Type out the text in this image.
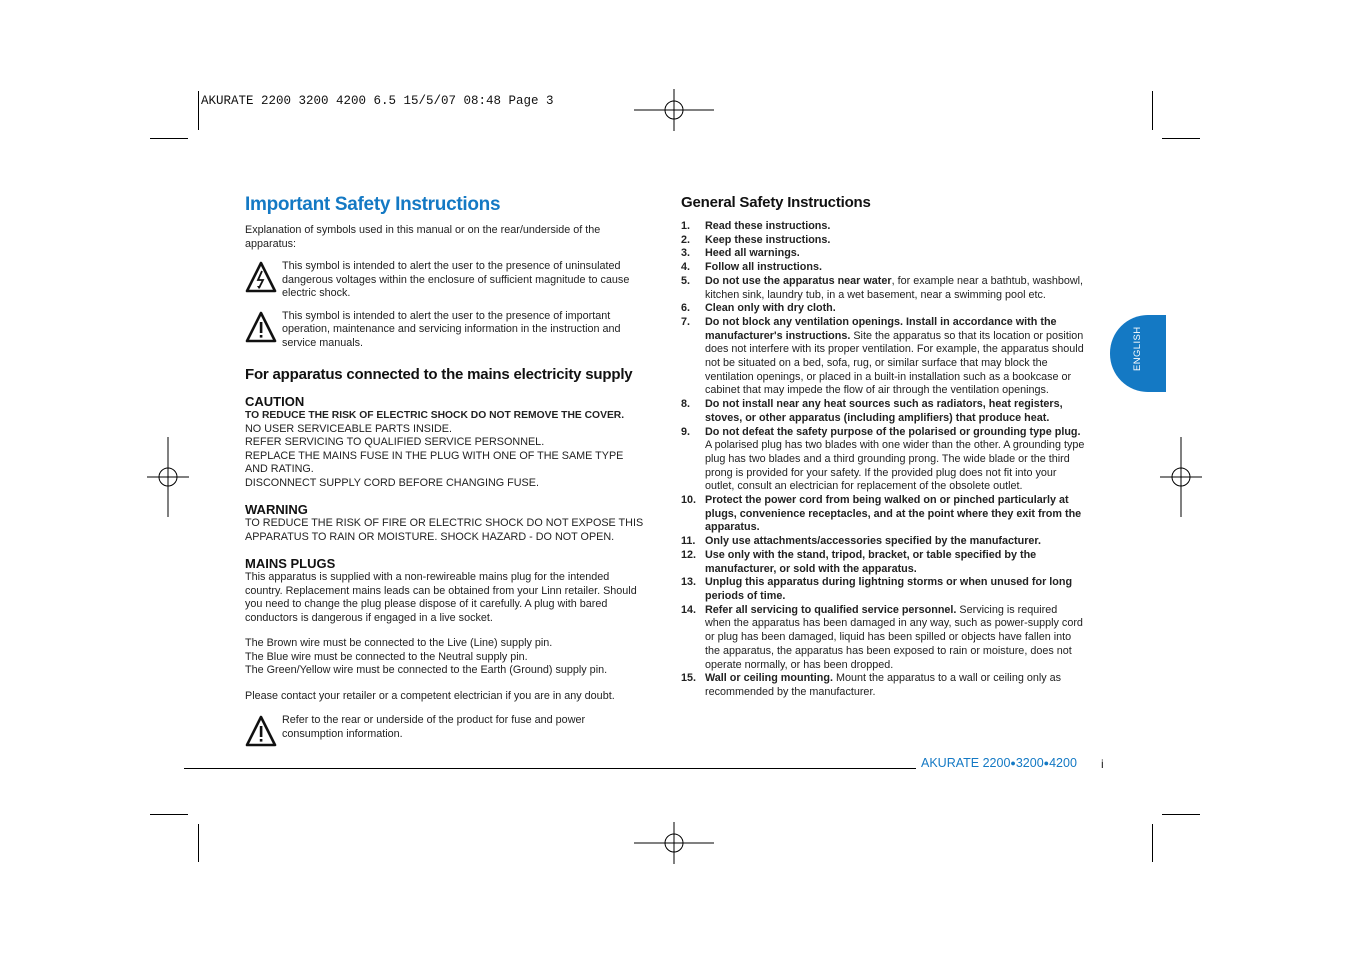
AKURATE 2200 3200 4200 6.5 15/5/07 08:48 Page 3
Important Safety Instructions
Explanation of symbols used in this manual or on the rear/underside of the apparatus:
This symbol is intended to alert the user to the presence of uninsulated dangerous voltages within the enclosure of sufficient magnitude to cause electric shock.
This symbol is intended to alert the user to the presence of important operation, maintenance and servicing information in the instruction and service manuals.
For apparatus connected to the mains electricity supply
CAUTION
TO REDUCE THE RISK OF ELECTRIC SHOCK DO NOT REMOVE THE COVER.
NO USER SERVICEABLE PARTS INSIDE.
REFER SERVICING TO QUALIFIED SERVICE PERSONNEL.
REPLACE THE MAINS FUSE IN THE PLUG WITH ONE OF THE SAME TYPE AND RATING.
DISCONNECT SUPPLY CORD BEFORE CHANGING FUSE.
WARNING
TO REDUCE THE RISK OF FIRE OR ELECTRIC SHOCK DO NOT EXPOSE THIS APPARATUS TO RAIN OR MOISTURE. SHOCK HAZARD - DO NOT OPEN.
MAINS PLUGS
This apparatus is supplied with a non-rewireable mains plug for the intended country. Replacement mains leads can be obtained from your Linn retailer. Should you need to change the plug please dispose of it carefully. A plug with bared conductors is dangerous if engaged in a live socket.
The Brown wire must be connected to the Live (Line) supply pin.
The Blue wire must be connected to the Neutral supply pin.
The Green/Yellow wire must be connected to the Earth (Ground) supply pin.
Please contact your retailer or a competent electrician if you are in any doubt.
Refer to the rear or underside of the product for fuse and power consumption information.
General Safety Instructions
1. Read these instructions.
2. Keep these instructions.
3. Heed all warnings.
4. Follow all instructions.
5. Do not use the apparatus near water, for example near a bathtub, washbowl, kitchen sink, laundry tub, in a wet basement, near a swimming pool etc.
6. Clean only with dry cloth.
7. Do not block any ventilation openings. Install in accordance with the manufacturer's instructions. Site the apparatus so that its location or position does not interfere with its proper ventilation. For example, the apparatus should not be situated on a bed, sofa, rug, or similar surface that may block the ventilation openings, or placed in a built-in installation such as a bookcase or cabinet that may impede the flow of air through the ventilation openings.
8. Do not install near any heat sources such as radiators, heat registers, stoves, or other apparatus (including amplifiers) that produce heat.
9. Do not defeat the safety purpose of the polarised or grounding type plug. A polarised plug has two blades with one wider than the other. A grounding type plug has two blades and a third grounding prong. The wide blade or the third prong is provided for your safety. If the provided plug does not fit into your outlet, consult an electrician for replacement of the obsolete outlet.
10. Protect the power cord from being walked on or pinched particularly at plugs, convenience receptacles, and at the point where they exit from the apparatus.
11. Only use attachments/accessories specified by the manufacturer.
12. Use only with the stand, tripod, bracket, or table specified by the manufacturer, or sold with the apparatus.
13. Unplug this apparatus during lightning storms or when unused for long periods of time.
14. Refer all servicing to qualified service personnel. Servicing is required when the apparatus has been damaged in any way, such as power-supply cord or plug has been damaged, liquid has been spilled or objects have fallen into the apparatus, the apparatus has been exposed to rain or moisture, does not operate normally, or has been dropped.
15. Wall or ceiling mounting. Mount the apparatus to a wall or ceiling only as recommended by the manufacturer.
ENGLISH
AKURATE 2200●3200●4200 i
